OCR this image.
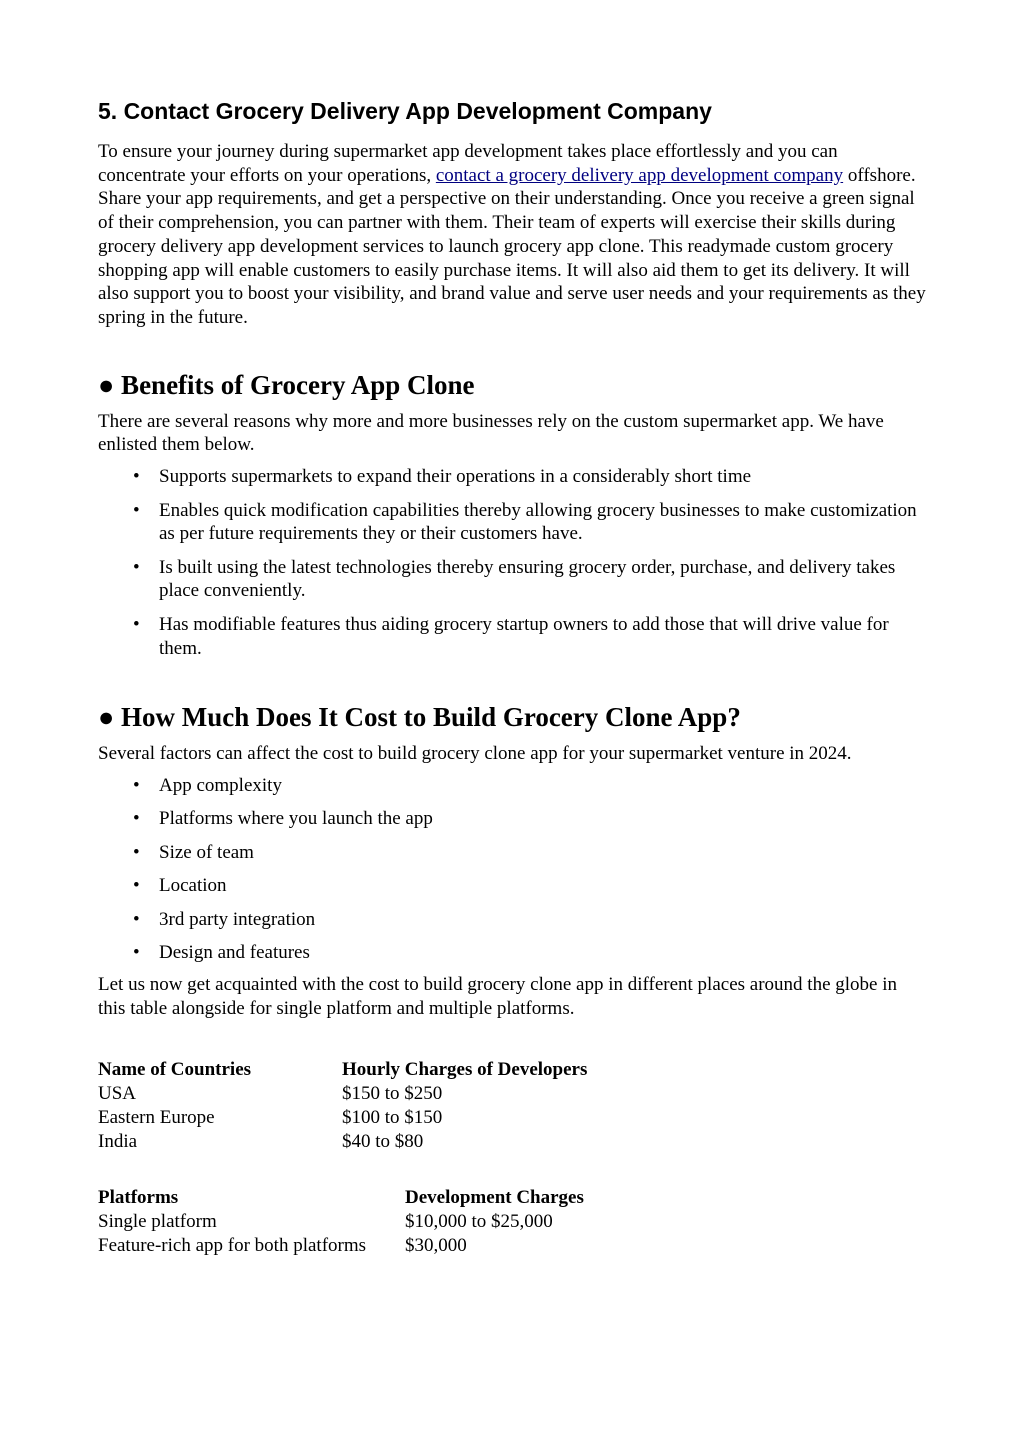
5. Contact Grocery Delivery App Development Company

To ensure your journey during supermarket app development takes place effortlessly and you can concentrate your efforts on your operations, contact a grocery delivery app development company offshore. Share your app requirements, and get a perspective on their understanding. Once you receive a green signal of their comprehension, you can partner with them. Their team of experts will exercise their skills during grocery delivery app development services to launch grocery app clone. This readymade custom grocery shopping app will enable customers to easily purchase items. It will also aid them to get its delivery. It will also support you to boost your visibility, and brand value and serve user needs and your requirements as they spring in the future.

● Benefits of Grocery App Clone

There are several reasons why more and more businesses rely on the custom supermarket app. We have enlisted them below.

• Supports supermarkets to expand their operations in a considerably short time
• Enables quick modification capabilities thereby allowing grocery businesses to make customization as per future requirements they or their customers have.
• Is built using the latest technologies thereby ensuring grocery order, purchase, and delivery takes place conveniently.
• Has modifiable features thus aiding grocery startup owners to add those that will drive value for them.
● How Much Does It Cost to Build Grocery Clone App?

Several factors can affect the cost to build grocery clone app for your supermarket venture in 2024.

• App complexity
• Platforms where you launch the app
• Size of team
• Location
• 3rd party integration
• Design and features

Let us now get acquainted with the cost to build grocery clone app in different places around the globe in this table alongside for single platform and multiple platforms.

Name of Countries	Hourly Charges of Developers
USA	$150 to $250
Eastern Europe	$100 to $150
India	$40 to $80
Platforms	Development Charges
Single platform	$10,000 to $25,000
Feature-rich app for both platforms	$30,000
